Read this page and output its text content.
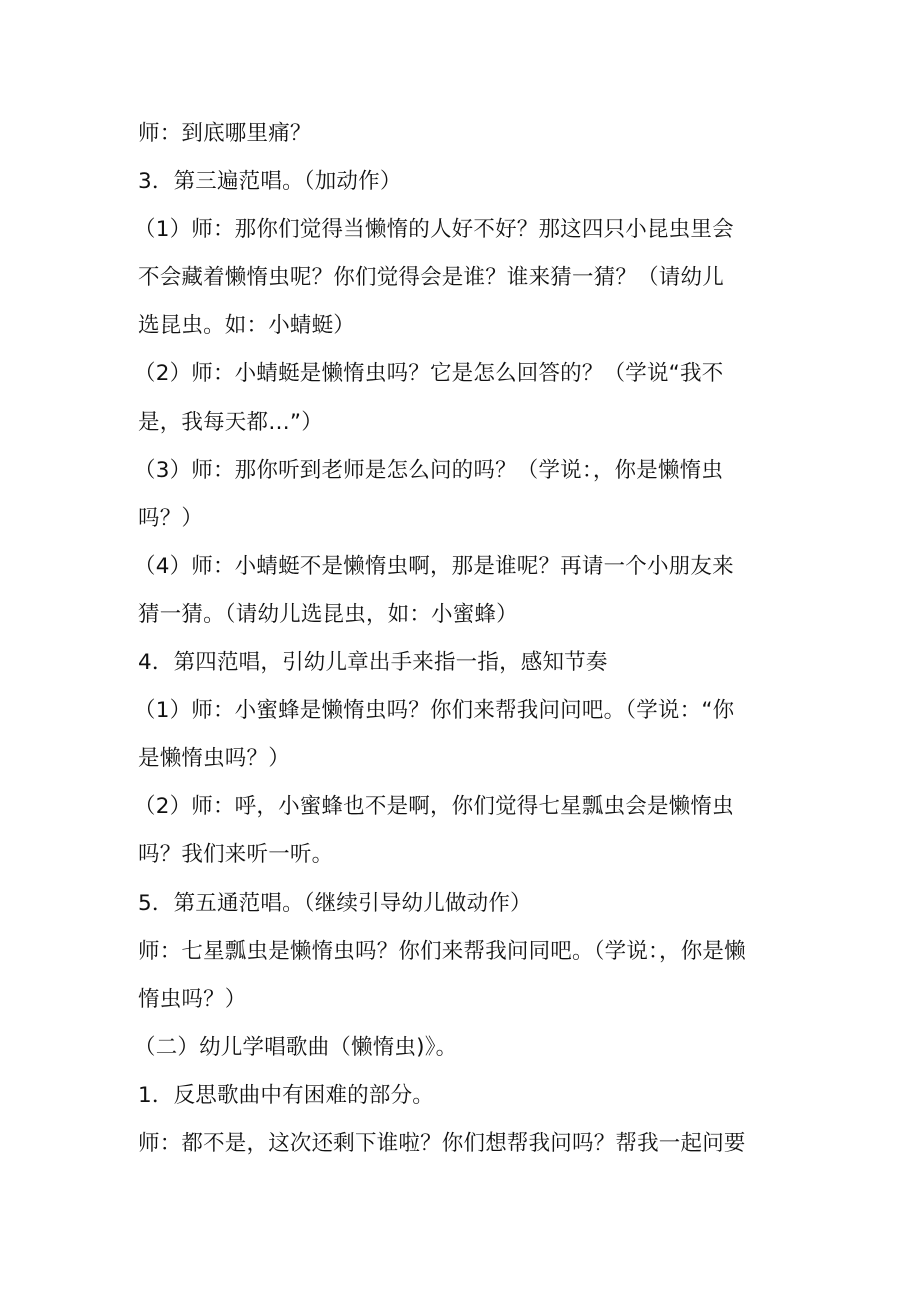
师：到底哪里痛？
3．第三遍范唱。（加动作）
（1）师：那你们觉得当懒惰的人好不好？那这四只小昆虫里会
不会藏着懒惰虫呢？你们觉得会是谁？谁来猜一猜？（请幼儿
选昆虫。如：小蜻蜓）
（2）师：小蜻蜓是懒惰虫吗？它是怎么回答的？（学说“我不
是，我每天都…”）
（3）师：那你听到老师是怎么问的吗？（学说：，你是懒惰虫
吗？）
（4）师：小蜻蜓不是懒惰虫啊，那是谁呢？再请一个小朋友来
猜一猜。（请幼儿选昆虫，如：小蜜蜂）
4．第四范唱，引幼儿章出手来指一指，感知节奏
（1）师：小蜜蜂是懒惰虫吗？你们来帮我问问吧。（学说：“你
是懒惰虫吗？）
（2）师：呼，小蜜蜂也不是啊，你们觉得七星瓢虫会是懒惰虫
吗？我们来听一听。
5．第五通范唱。（继续引导幼儿做动作）
师：七星瓢虫是懒惰虫吗？你们来帮我问同吧。（学说：，你是懒
惰虫吗？）
（二）幼儿学唱歌曲（懒惰虫)》。
1．反思歌曲中有困难的部分。
师：都不是，这次还剩下谁啦？你们想帮我问吗？帮我一起问要
